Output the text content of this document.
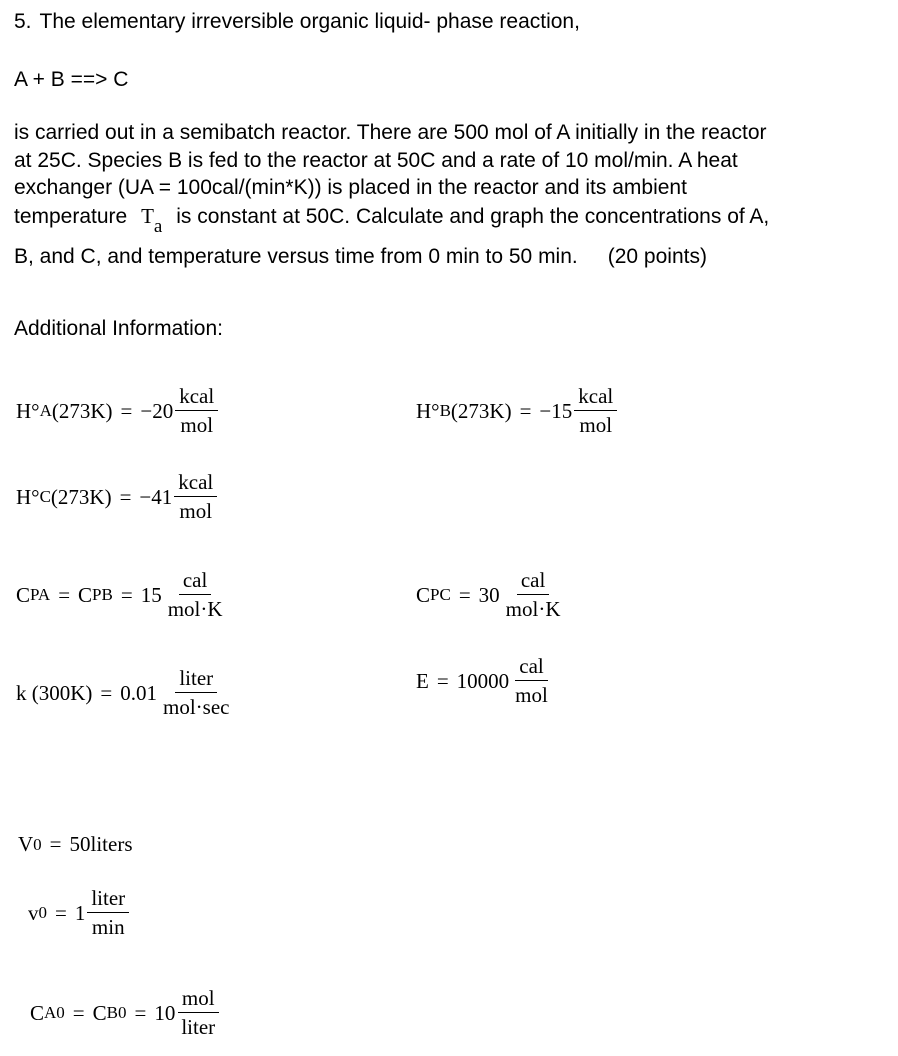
5. The elementary irreversible organic liquid- phase reaction,
A + B ==> C
is carried out in a semibatch reactor. There are 500 mol of A initially in the reactor
at 25C. Species B is fed to the reactor at 50C and a rate of 10 mol/min. A heat
exchanger (UA = 100cal/(min*K)) is placed in the reactor and its ambient
temperature $T_a$ is constant at 50C. Calculate and graph the concentrations of A,
B, and C, and temperature versus time from 0 min to 50 min. (20 points)
Additional Information:
H° A $(273K) = -20 \frac{\text{kcal}}{\text{mol}}$	H° B $(273K) = -15 \frac{\text{kcal}}{\text{mol}}$
H° C $(273K) = -41 \frac{\text{kcal}}{\text{mol}}$
C PA = C PB = $15 \frac{\text{cal}}{\text{mol·K}}$	C PC = $30 \frac{\text{cal}}{\text{mol·K}}$
k $(300K) = 0.01 \frac{\text{liter}}{\text{mol·sec}}$	$E = 10000 \frac{\text{cal}}{\text{mol}}$
V 0 = 50liters
v $0 = 1 \frac{\text{liter}}{\min}$
C A0 = C $B0 = 10 \frac{\text{mol}}{\text{liter}}$
